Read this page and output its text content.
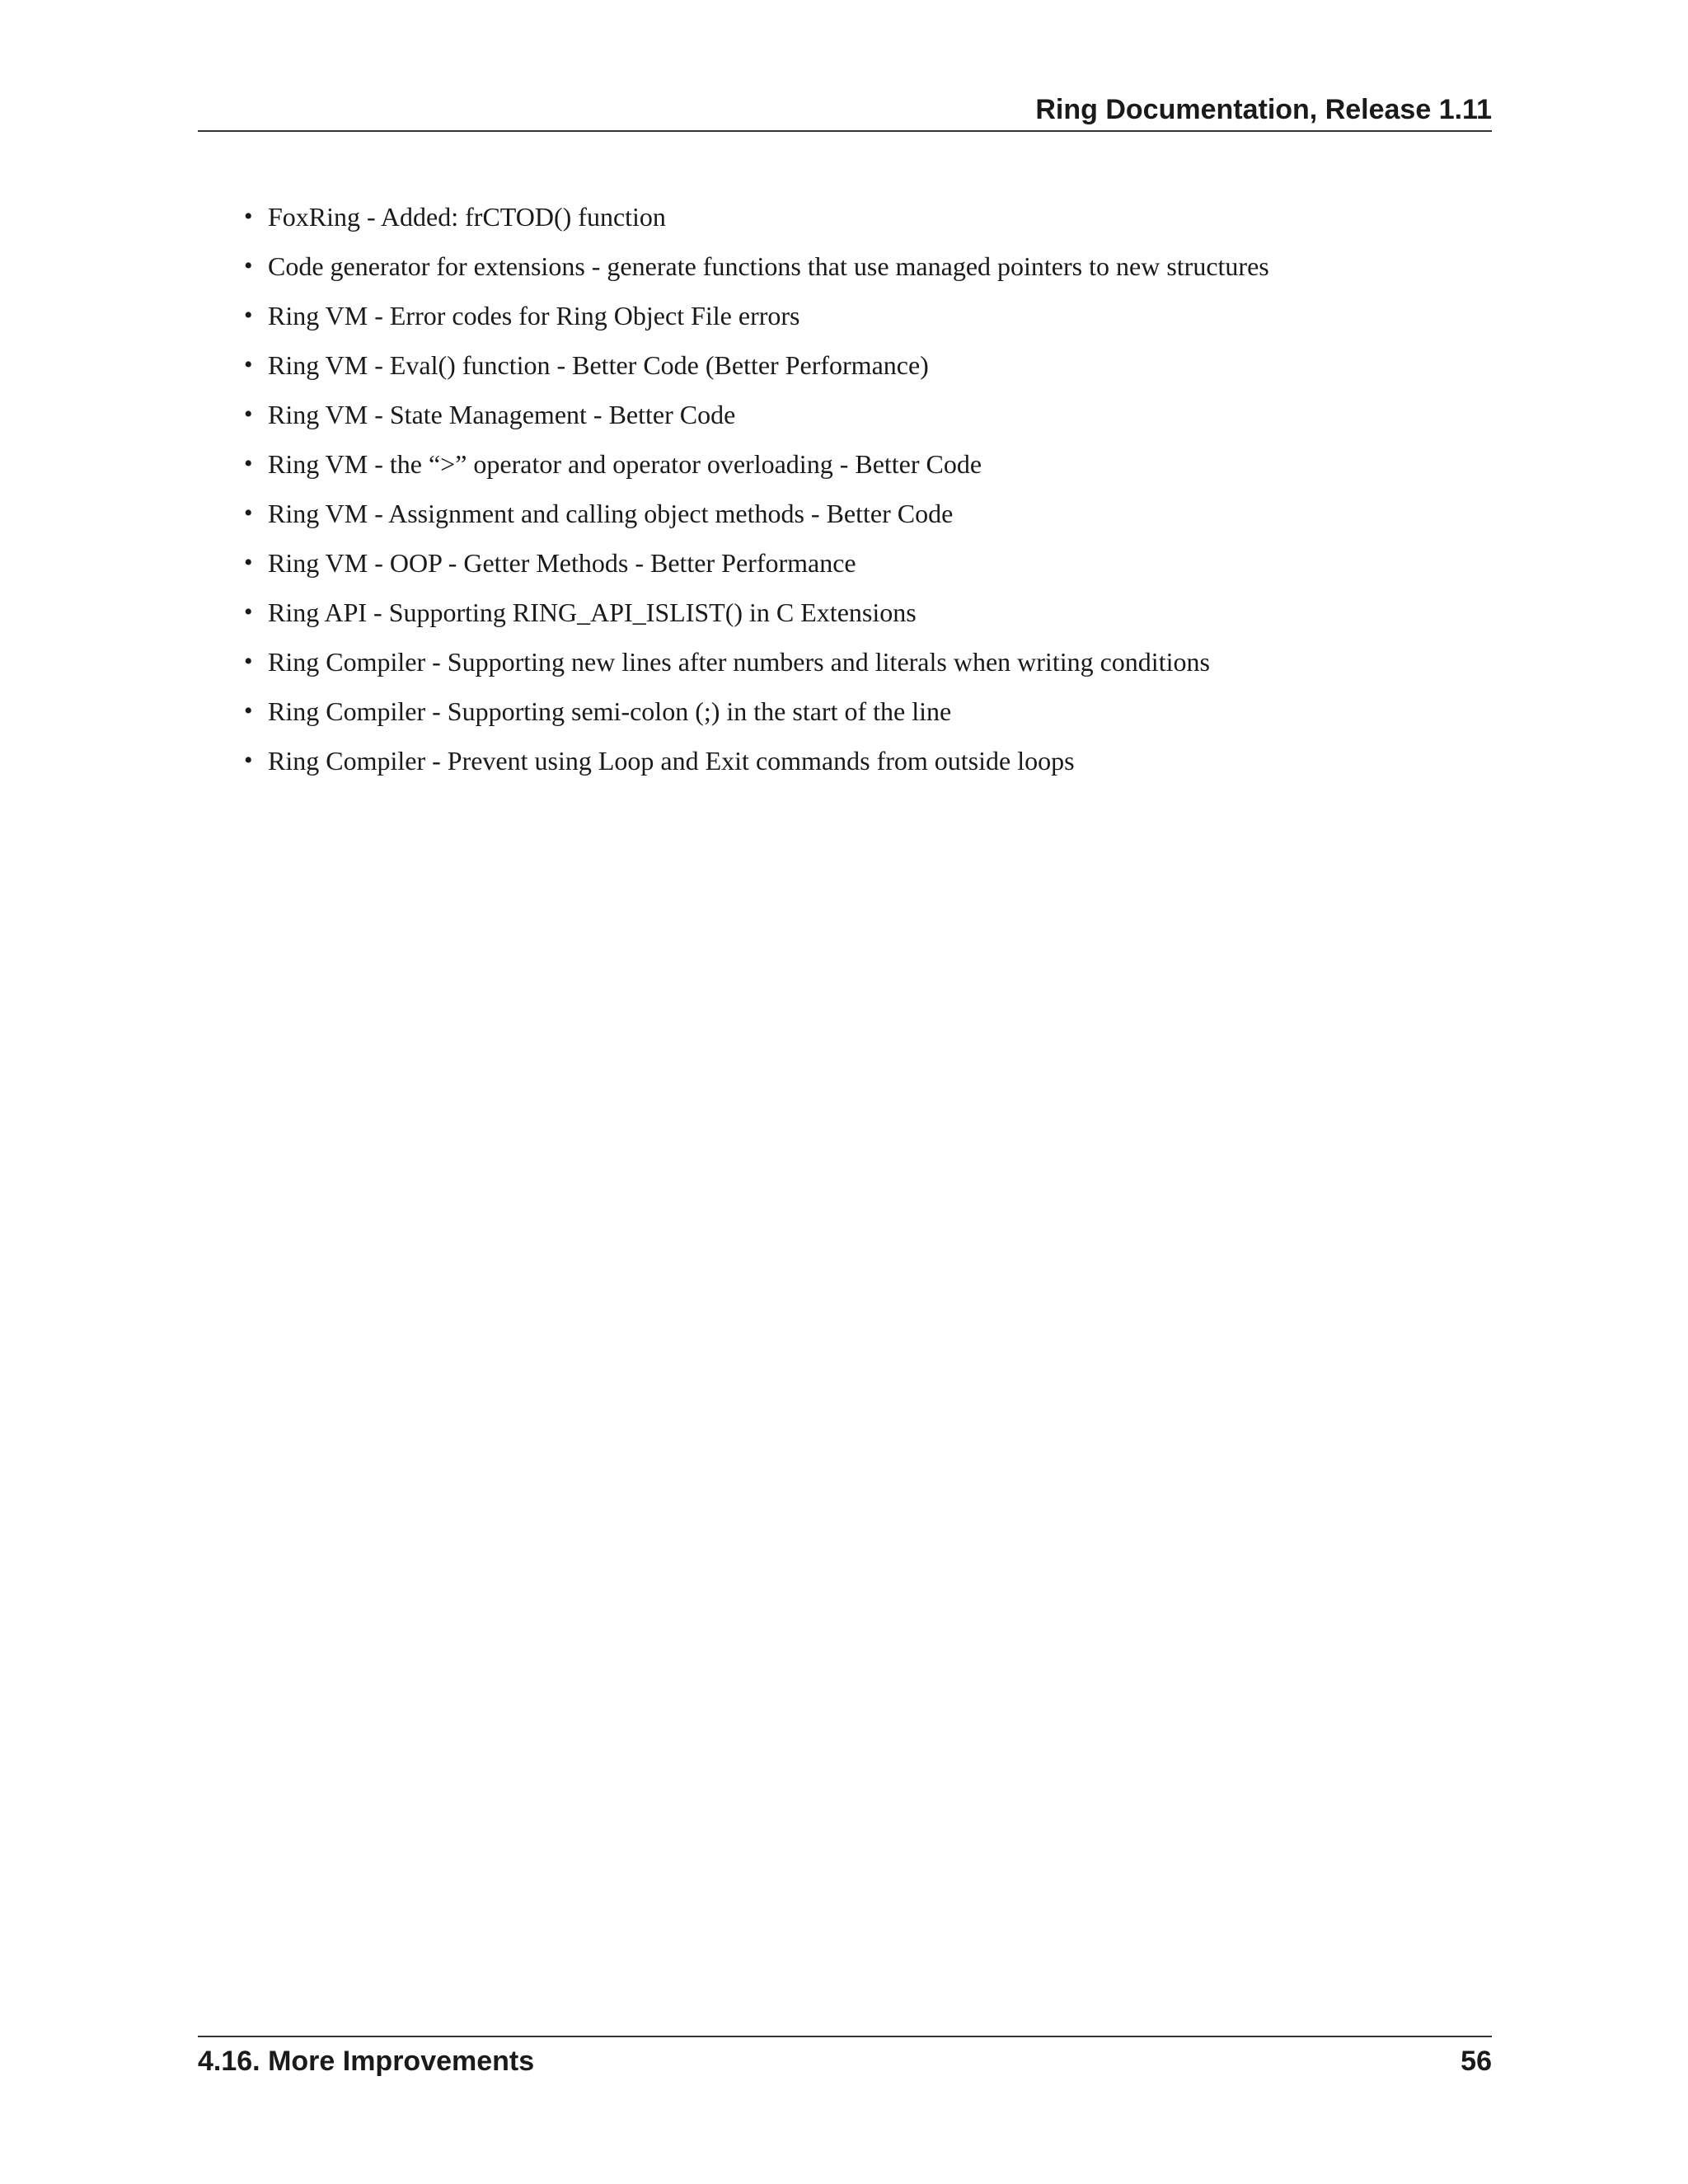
Ring Documentation, Release 1.11
• FoxRing - Added: frCTOD() function
• Code generator for extensions - generate functions that use managed pointers to new structures
• Ring VM - Error codes for Ring Object File errors
• Ring VM - Eval() function - Better Code (Better Performance)
• Ring VM - State Management - Better Code
• Ring VM - the “>” operator and operator overloading - Better Code
• Ring VM - Assignment and calling object methods - Better Code
• Ring VM - OOP - Getter Methods - Better Performance
• Ring API - Supporting RING_API_ISLIST() in C Extensions
• Ring Compiler - Supporting new lines after numbers and literals when writing conditions
• Ring Compiler - Supporting semi-colon (;) in the start of the line
• Ring Compiler - Prevent using Loop and Exit commands from outside loops
4.16. More Improvements	56
